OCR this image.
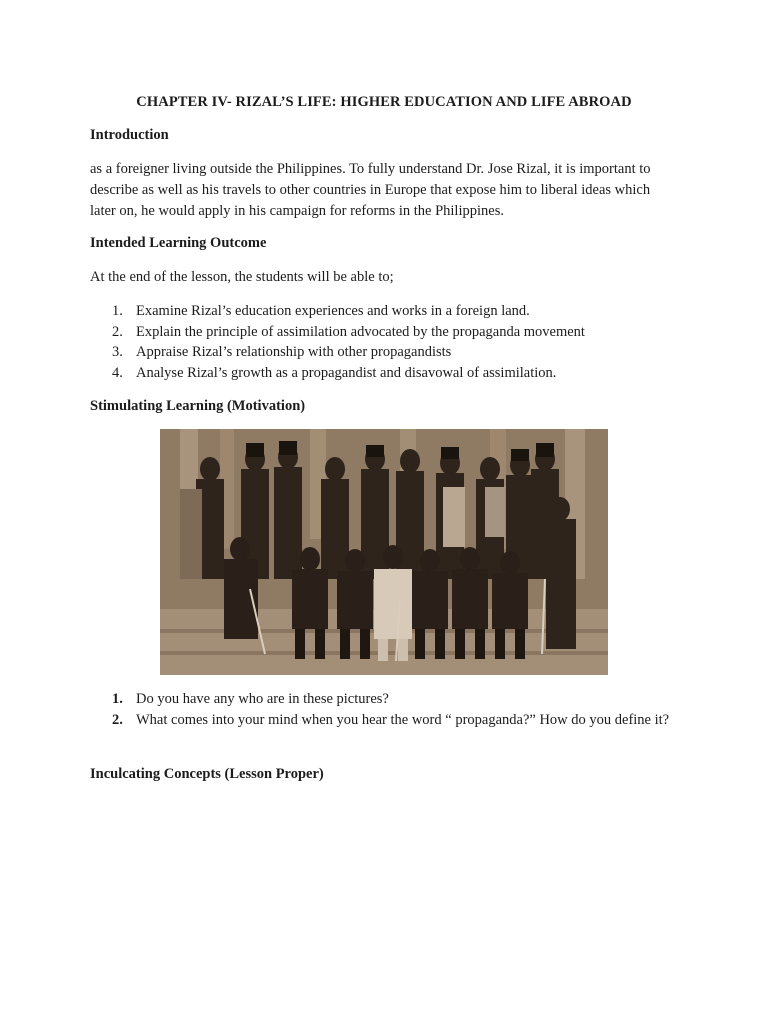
CHAPTER IV- RIZAL’S LIFE: HIGHER EDUCATION AND LIFE ABROAD
Introduction
as a foreigner living outside the Philippines. To fully understand Dr. Jose Rizal, it is important to
describe as well as his travels to other countries in Europe that expose him to liberal ideas which
later on, he would apply in his campaign for reforms in the Philippines.
Intended Learning Outcome
At the end of the lesson, the students will be able to;
1. Examine Rizal’s education experiences and works in a foreign land.
2. Explain the principle of assimilation advocated by the propaganda movement
3. Appraise Rizal’s relationship with other propagandists
4. Analyse Rizal’s growth as a propagandist and disavowal of assimilation.
Stimulating Learning (Motivation)
1. Do you have any who are in these pictures?
2. What comes into your mind when you hear the word “ propaganda?” How do you define it?
Inculcating Concepts (Lesson Proper)
